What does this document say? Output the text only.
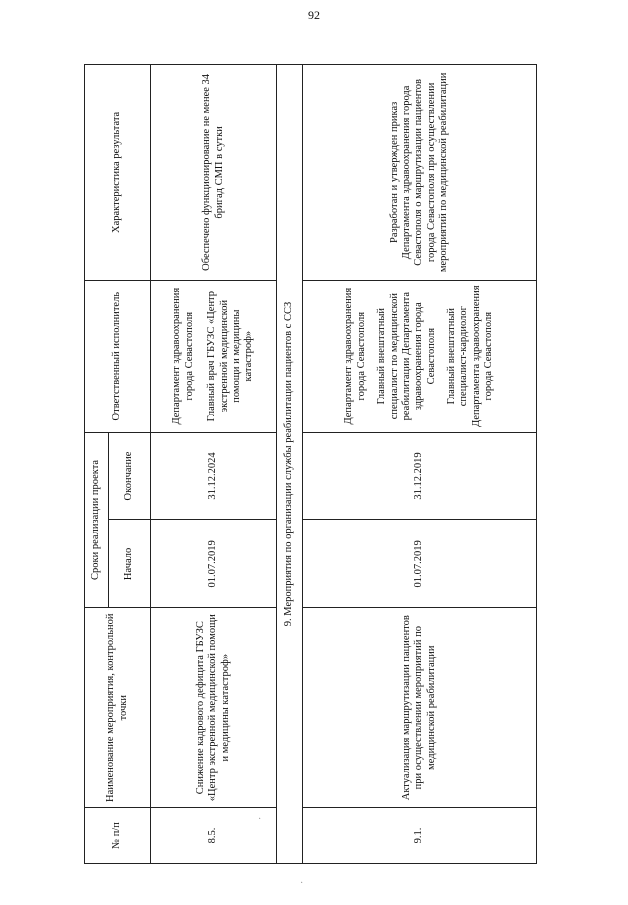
92
№ п/п	Наименование мероприятия, контрольной точки	Сроки реализации проекта		Ответственный исполнитель	Характеристика результата
		Начало	Окончание		
8.5.	Снижение кадрового дефицита ГБУЗС «Центр экстренной медицинской помощи и медицины катастроф»	01.07.2019	31.12.2024	Департамент здравоохранения города Севастополя Главный врач ГБУЗС «Центр экстренной медицинской помощи и медицины катастроф»	Обеспечено функционирование не менее 34 бригад СМП в сутки
9. Мероприятия по организации службы реабилитации пациентов с ССЗ					
9.1.	Актуализация маршрутизации пациентов при осуществлении мероприятий по медицинской реабилитации	01.07.2019	31.12.2019	Департамент здравоохранения города Севастополя Главный внештатный специалист по медицинской реабилитации Департамента здравоохранения города Севастополя Главный внештатный специалист-кардиолог Департамента здравоохранения города Севастополя	Разработан и утвержден приказ Департамента здравоохранения города Севастополя о маршрутизации пациентов города Севастополя при осуществлении мероприятий по медицинской реабилитации
·
·
